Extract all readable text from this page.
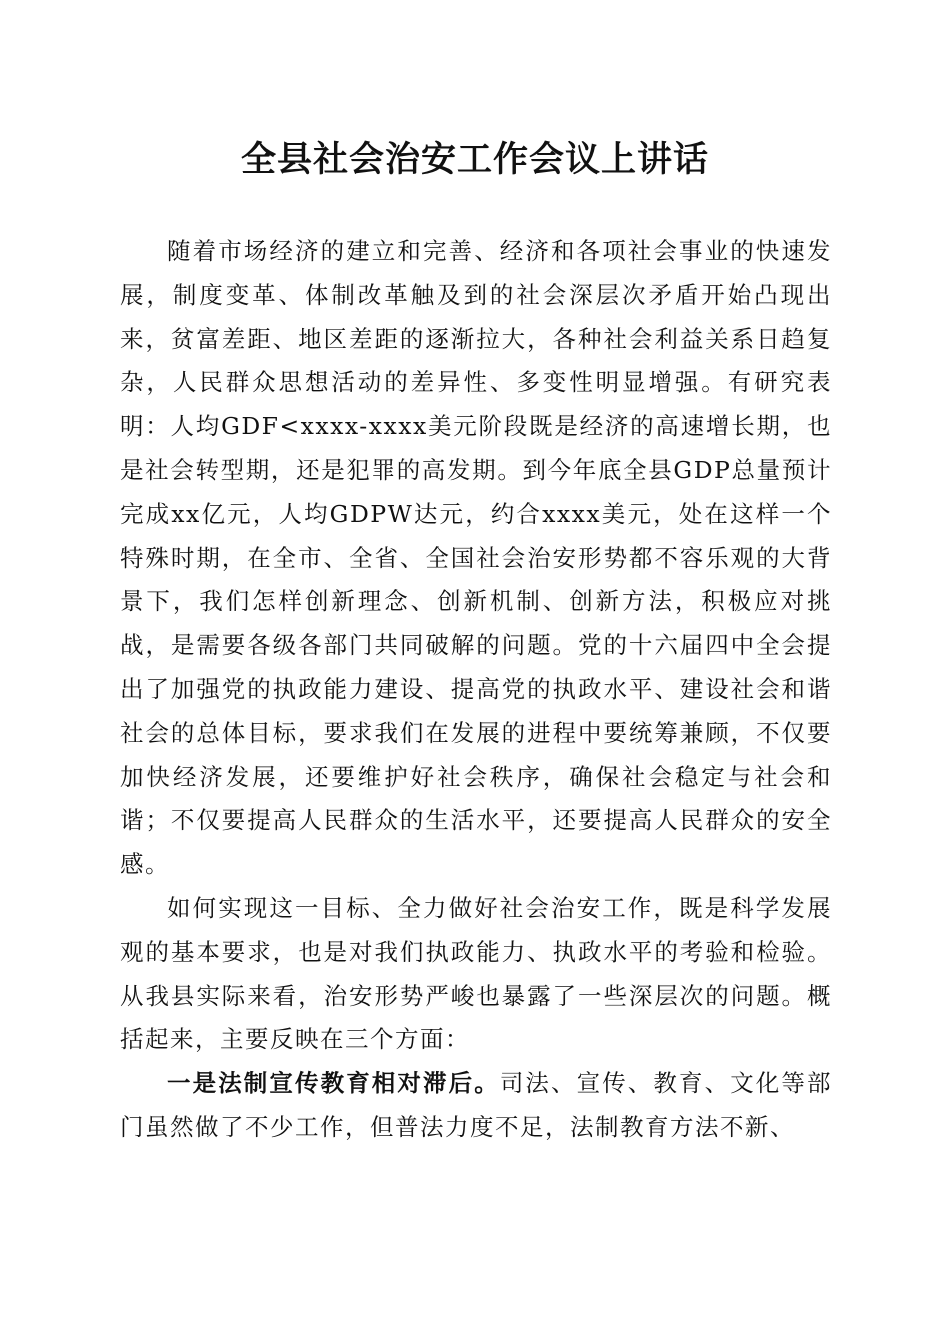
全县社会治安工作会议上讲话

随着市场经济的建立和完善、经济和各项社会事业的快速发展，制度变革、体制改革触及到的社会深层次矛盾开始凸现出来，贫富差距、地区差距的逐渐拉大，各种社会利益关系日趋复杂，人民群众思想活动的差异性、多变性明显增强。有研究表明：人均GDF<xxxx-xxxx美元阶段既是经济的高速增长期，也是社会转型期，还是犯罪的高发期。到今年底全县GDP总量预计完成xx亿元，人均GDPW达元，约合xxxx美元，处在这样一个特殊时期，在全市、全省、全国社会治安形势都不容乐观的大背景下，我们怎样创新理念、创新机制、创新方法，积极应对挑战，是需要各级各部门共同破解的问题。党的十六届四中全会提出了加强党的执政能力建设、提高党的执政水平、建设社会和谐社会的总体目标，要求我们在发展的进程中要统筹兼顾，不仅要加快经济发展，还要维护好社会秩序，确保社会稳定与社会和谐；不仅要提高人民群众的生活水平，还要提高人民群众的安全感。

如何实现这一目标、全力做好社会治安工作，既是科学发展观的基本要求，也是对我们执政能力、执政水平的考验和检验。从我县实际来看，治安形势严峻也暴露了一些深层次的问题。概括起来，主要反映在三个方面：

一是法制宣传教育相对滞后。司法、宣传、教育、文化等部门虽然做了不少工作，但普法力度不足，法制教育方法不新、
